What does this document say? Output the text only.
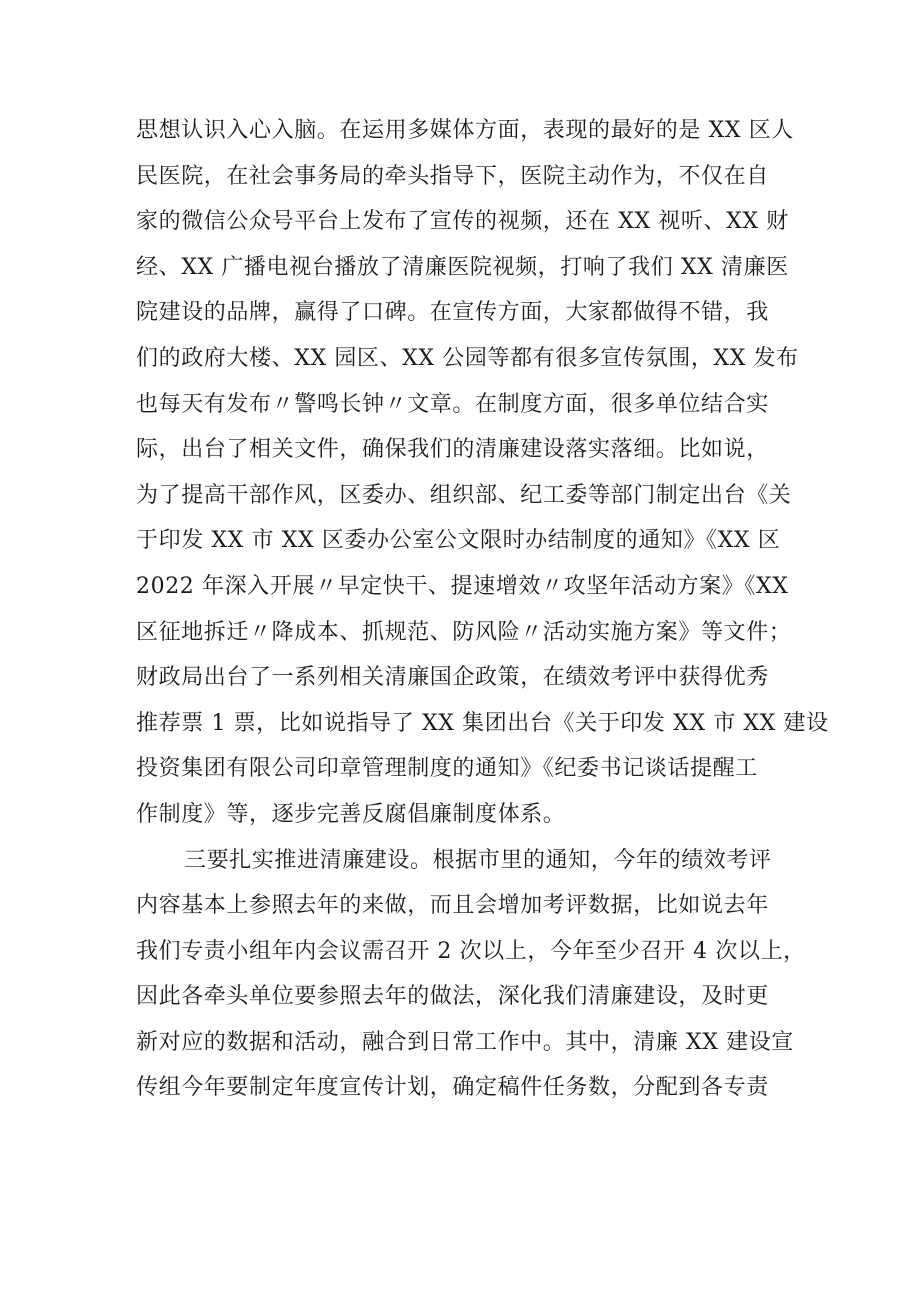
思想认识入心入脑。在运用多媒体方面，表现的最好的是 XX 区人
民医院，在社会事务局的牵头指导下，医院主动作为，不仅在自
家的微信公众号平台上发布了宣传的视频，还在 XX 视听、XX 财
经、XX 广播电视台播放了清廉医院视频，打响了我们 XX 清廉医
院建设的品牌，赢得了口碑。在宣传方面，大家都做得不错，我
们的政府大楼、XX 园区、XX 公园等都有很多宣传氛围，XX 发布
也每天有发布〃警鸣长钟〃文章。在制度方面，很多单位结合实
际，出台了相关文件，确保我们的清廉建设落实落细。比如说，
为了提高干部作风，区委办、组织部、纪工委等部门制定出台《关
于印发 XX 市 XX 区委办公室公文限时办结制度的通知》《XX 区
2022 年深入开展〃早定快干、提速增效〃攻坚年活动方案》《XX
区征地拆迁〃降成本、抓规范、防风险〃活动实施方案》等文件；
财政局出台了一系列相关清廉国企政策，在绩效考评中获得优秀
推荐票 1 票，比如说指导了 XX 集团出台《关于印发 XX 市 XX 建设
投资集团有限公司印章管理制度的通知》《纪委书记谈话提醒工
作制度》等，逐步完善反腐倡廉制度体系。
三要扎实推进清廉建设。根据市里的通知，今年的绩效考评
内容基本上参照去年的来做，而且会增加考评数据，比如说去年
我们专责小组年内会议需召开 2 次以上，今年至少召开 4 次以上，
因此各牵头单位要参照去年的做法，深化我们清廉建设，及时更
新对应的数据和活动，融合到日常工作中。其中，清廉 XX 建设宣
传组今年要制定年度宣传计划，确定稿件任务数，分配到各专责
